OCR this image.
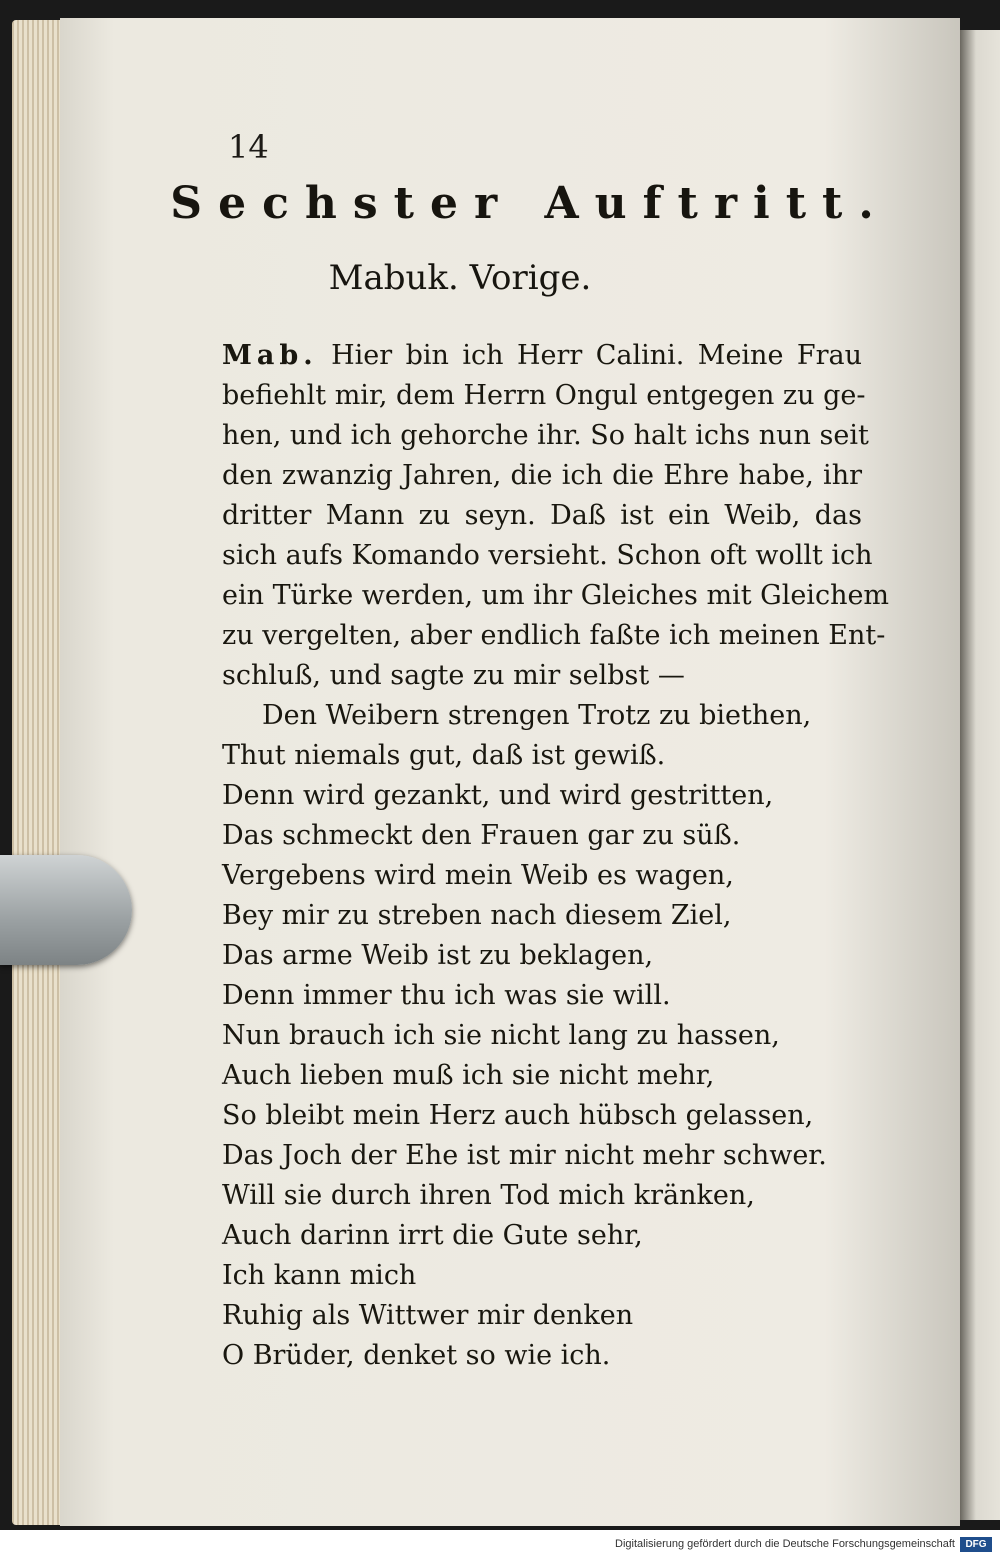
14
Sechster Auftritt.
Mabuk. Vorige.
Mab. Hier bin ich Herr Calini. Meine Frau
befiehlt mir, dem Herrn Ongul entgegen zu ge-
hen, und ich gehorche ihr. So halt ichs nun seit
den zwanzig Jahren, die ich die Ehre habe, ihr
dritter Mann zu seyn. Daß ist ein Weib, das
sich aufs Komando versieht. Schon oft wollt ich
ein Türke werden, um ihr Gleiches mit Gleichem
zu vergelten, aber endlich faßte ich meinen Ent-
schluß, und sagte zu mir selbst —
Den Weibern strengen Trotz zu biethen,
Thut niemals gut, daß ist gewiß.
Denn wird gezankt, und wird gestritten,
Das schmeckt den Frauen gar zu süß.
Vergebens wird mein Weib es wagen,
Bey mir zu streben nach diesem Ziel,
Das arme Weib ist zu beklagen,
Denn immer thu ich was sie will.
Nun brauch ich sie nicht lang zu hassen,
Auch lieben muß ich sie nicht mehr,
So bleibt mein Herz auch hübsch gelassen,
Das Joch der Ehe ist mir nicht mehr schwer.
Will sie durch ihren Tod mich kränken,
Auch darinn irrt die Gute sehr,
Ich kann mich
Ruhig als Wittwer mir denken
O Brüder, denket so wie ich.
Digitalisierung gefördert durch die Deutsche Forschungsgemeinschaft	DFG
